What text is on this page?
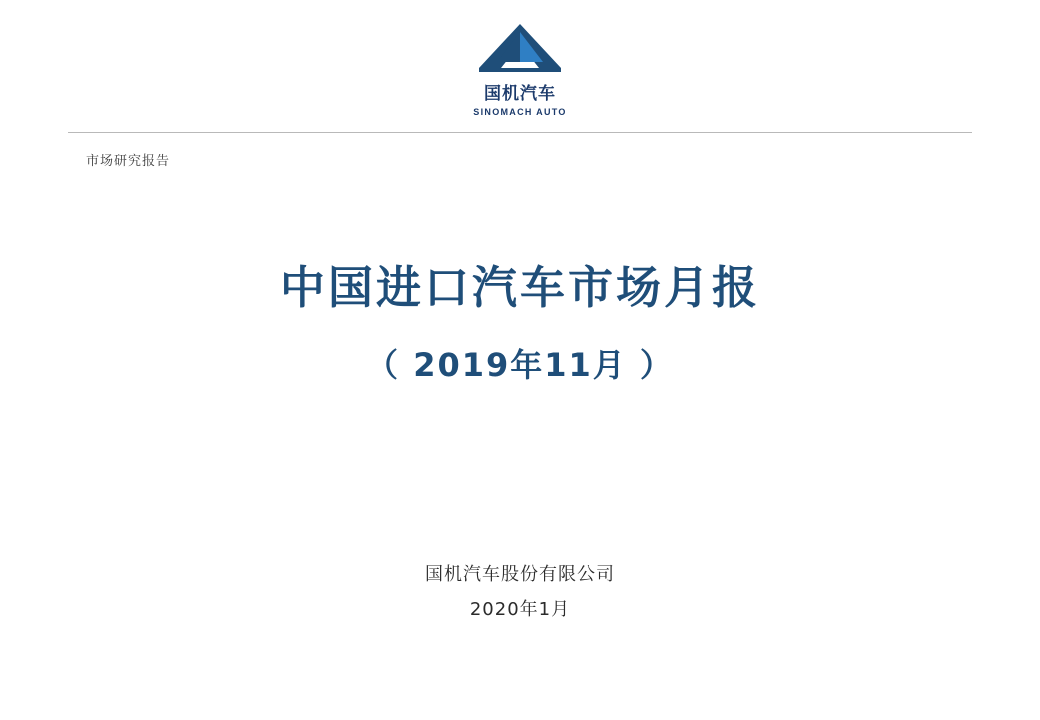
国机汽车
SINOMACH AUTO
市场研究报告
中国进口汽车市场月报
（ 2019年11月 ）
国机汽车股份有限公司
2020年1月
